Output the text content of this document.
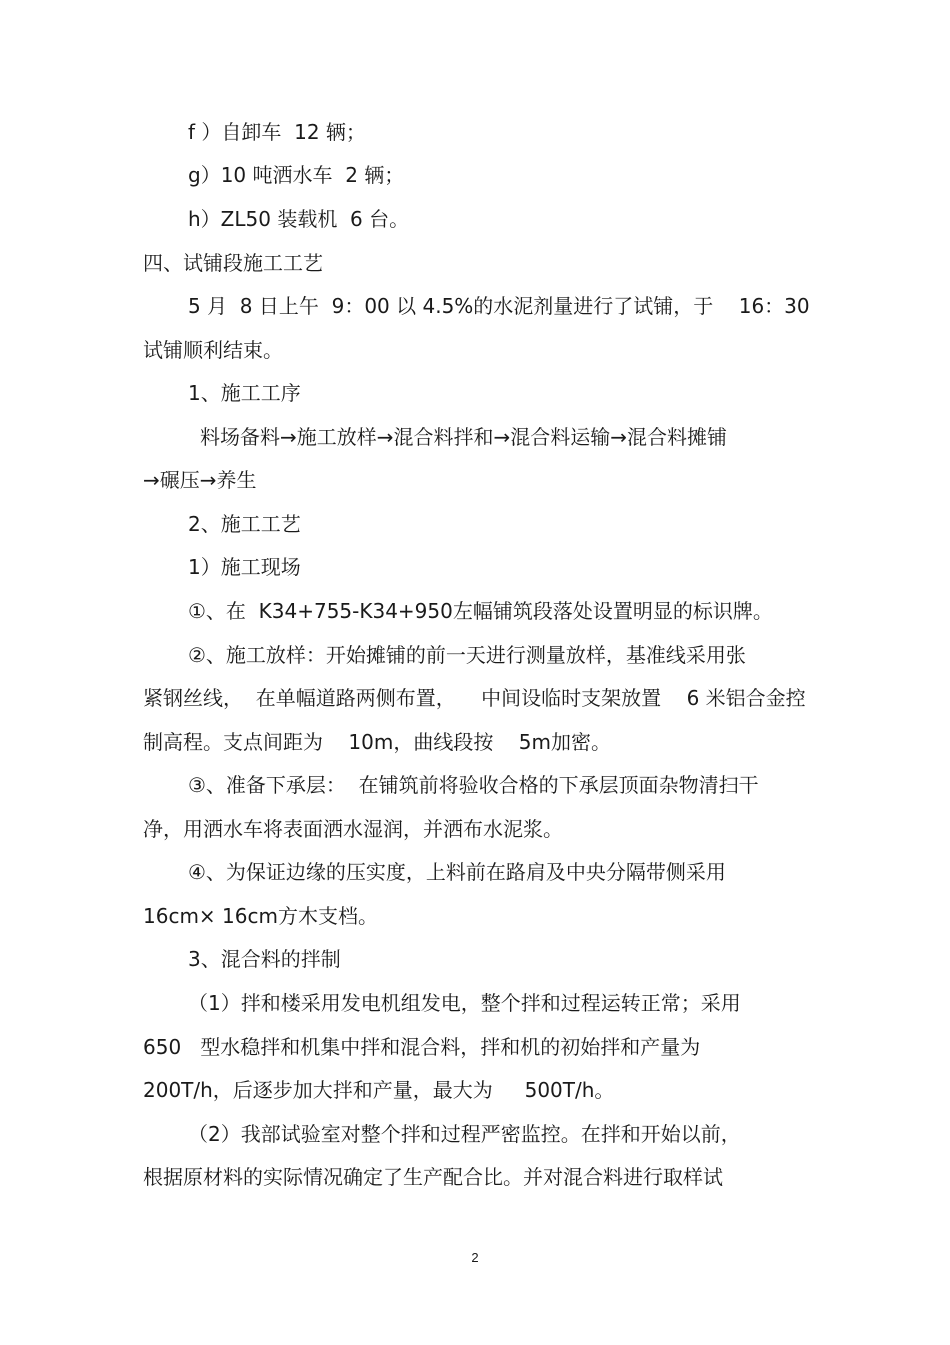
f ）自卸车  12 辆；
g）10 吨洒水车  2 辆；
h）ZL50 装载机  6 台。
四、试铺段施工工艺
5 月  8 日上午  9：00 以 4.5%的水泥剂量进行了试铺，于    16：30
试铺顺利结束。
1、施工工序
料场备料→施工放样→混合料拌和→混合料运输→混合料摊铺
→碾压→养生
2、施工工艺
1）施工现场
①、在  K34+755-K34+950左幅铺筑段落处设置明显的标识牌。
②、施工放样：开始摊铺的前一天进行测量放样，基准线采用张
紧钢丝线，  在单幅道路两侧布置，    中间设临时支架放置    6 米铝合金控
制高程。支点间距为    10m，曲线段按    5m加密。
③、准备下承层：  在铺筑前将验收合格的下承层顶面杂物清扫干
净，用洒水车将表面洒水湿润，并洒布水泥浆。
④、为保证边缘的压实度，上料前在路肩及中央分隔带侧采用
16cm× 16cm方木支档。
3、混合料的拌制
（1）拌和楼采用发电机组发电，整个拌和过程运转正常；采用
650   型水稳拌和机集中拌和混合料，拌和机的初始拌和产量为
200T/h，后逐步加大拌和产量，最大为     500T/h。
（2）我部试验室对整个拌和过程严密监控。在拌和开始以前，
根据原材料的实际情况确定了生产配合比。并对混合料进行取样试
2
